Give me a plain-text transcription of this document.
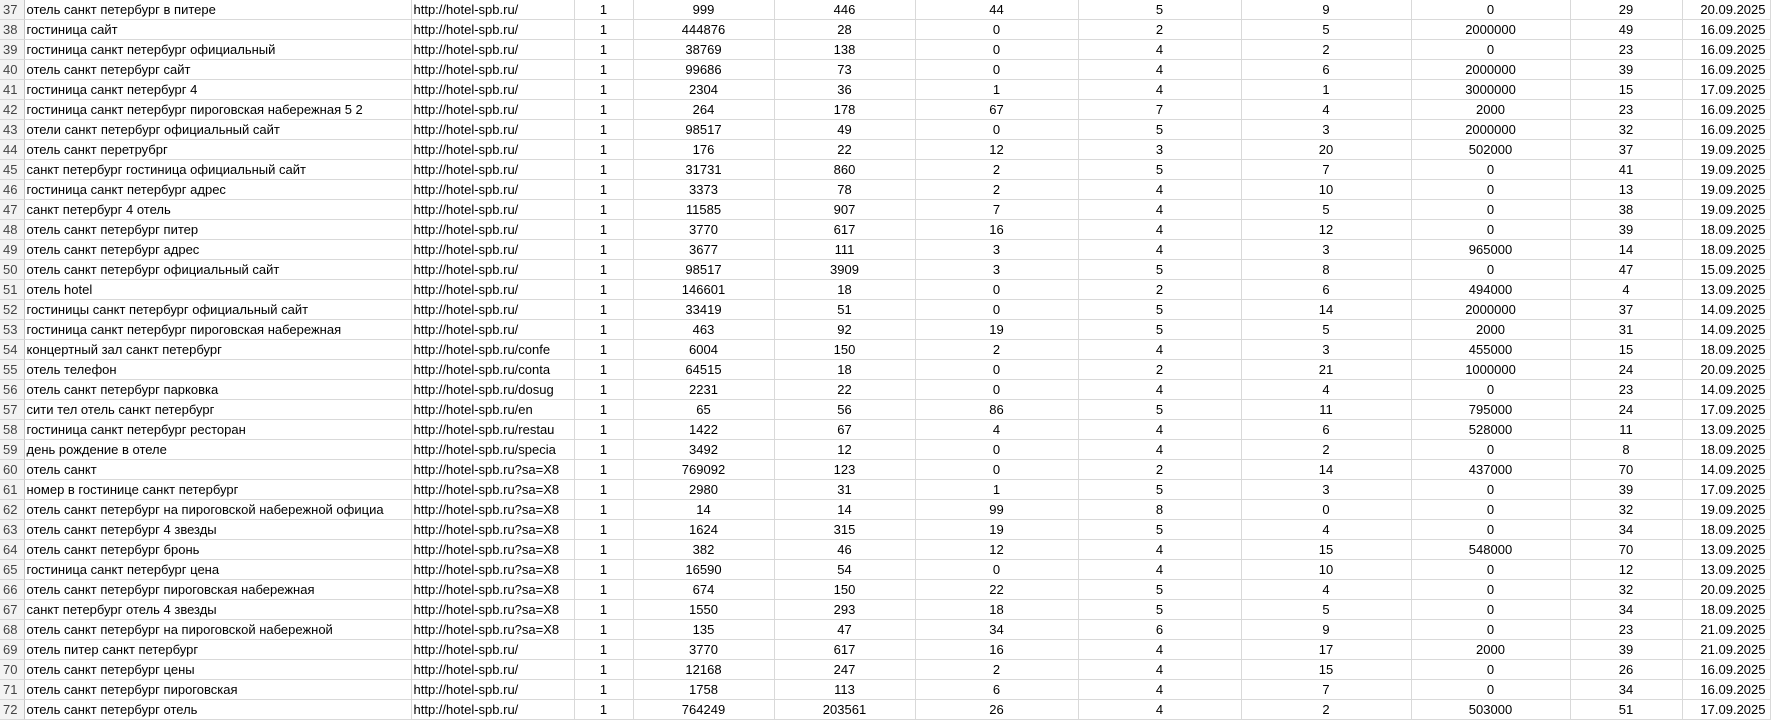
37	отель санкт петербург в питере	http://hotel-spb.ru/	1	999	446	44	5	9	0	29	20.09.2025
38	гостиница сайт	http://hotel-spb.ru/	1	444876	28	0	2	5	2000000	49	16.09.2025
39	гостиница санкт петербург официальный	http://hotel-spb.ru/	1	38769	138	0	4	2	0	23	16.09.2025
40	отель санкт петербург сайт	http://hotel-spb.ru/	1	99686	73	0	4	6	2000000	39	16.09.2025
41	гостиница санкт петербург 4	http://hotel-spb.ru/	1	2304	36	1	4	1	3000000	15	17.09.2025
42	гостиница санкт петербург пироговская набережная 5 2	http://hotel-spb.ru/	1	264	178	67	7	4	2000	23	16.09.2025
43	отели санкт петербург официальный сайт	http://hotel-spb.ru/	1	98517	49	0	5	3	2000000	32	16.09.2025
44	отель санкт перетрубрг	http://hotel-spb.ru/	1	176	22	12	3	20	502000	37	19.09.2025
45	санкт петербург гостиница официальный сайт	http://hotel-spb.ru/	1	31731	860	2	5	7	0	41	19.09.2025
46	гостиница санкт петербург адрес	http://hotel-spb.ru/	1	3373	78	2	4	10	0	13	19.09.2025
47	санкт петербург 4 отель	http://hotel-spb.ru/	1	11585	907	7	4	5	0	38	19.09.2025
48	отель санкт петербург питер	http://hotel-spb.ru/	1	3770	617	16	4	12	0	39	18.09.2025
49	отель санкт петербург адрес	http://hotel-spb.ru/	1	3677	111	3	4	3	965000	14	18.09.2025
50	отель санкт петербург официальный сайт	http://hotel-spb.ru/	1	98517	3909	3	5	8	0	47	15.09.2025
51	отель hotel	http://hotel-spb.ru/	1	146601	18	0	2	6	494000	4	13.09.2025
52	гостиницы санкт петербург официальный сайт	http://hotel-spb.ru/	1	33419	51	0	5	14	2000000	37	14.09.2025
53	гостиница санкт петербург пироговская набережная	http://hotel-spb.ru/	1	463	92	19	5	5	2000	31	14.09.2025
54	концертный зал санкт петербург	http://hotel-spb.ru/confe	1	6004	150	2	4	3	455000	15	18.09.2025
55	отель телефон	http://hotel-spb.ru/conta	1	64515	18	0	2	21	1000000	24	20.09.2025
56	отель санкт петербург парковка	http://hotel-spb.ru/dosug	1	2231	22	0	4	4	0	23	14.09.2025
57	сити тел отель санкт петербург	http://hotel-spb.ru/en	1	65	56	86	5	11	795000	24	17.09.2025
58	гостиница санкт петербург ресторан	http://hotel-spb.ru/restau	1	1422	67	4	4	6	528000	11	13.09.2025
59	день рождение в отеле	http://hotel-spb.ru/specia	1	3492	12	0	4	2	0	8	18.09.2025
60	отель санкт	http://hotel-spb.ru?sa=X8	1	769092	123	0	2	14	437000	70	14.09.2025
61	номер в гостинице санкт петербург	http://hotel-spb.ru?sa=X8	1	2980	31	1	5	3	0	39	17.09.2025
62	отель санкт петербург на пироговской набережной официа	http://hotel-spb.ru?sa=X8	1	14	14	99	8	0	0	32	19.09.2025
63	отель санкт петербург 4 звезды	http://hotel-spb.ru?sa=X8	1	1624	315	19	5	4	0	34	18.09.2025
64	отель санкт петербург бронь	http://hotel-spb.ru?sa=X8	1	382	46	12	4	15	548000	70	13.09.2025
65	гостиница санкт петербург цена	http://hotel-spb.ru?sa=X8	1	16590	54	0	4	10	0	12	13.09.2025
66	отель санкт петербург пироговская набережная	http://hotel-spb.ru?sa=X8	1	674	150	22	5	4	0	32	20.09.2025
67	санкт петербург отель 4 звезды	http://hotel-spb.ru?sa=X8	1	1550	293	18	5	5	0	34	18.09.2025
68	отель санкт петербург на пироговской набережной	http://hotel-spb.ru?sa=X8	1	135	47	34	6	9	0	23	21.09.2025
69	отель питер санкт петербург	http://hotel-spb.ru/	1	3770	617	16	4	17	2000	39	21.09.2025
70	отель санкт петербург цены	http://hotel-spb.ru/	1	12168	247	2	4	15	0	26	16.09.2025
71	отель санкт петербург пироговская	http://hotel-spb.ru/	1	1758	113	6	4	7	0	34	16.09.2025
72	отель санкт петербург отель	http://hotel-spb.ru/	1	764249	203561	26	4	2	503000	51	17.09.2025
